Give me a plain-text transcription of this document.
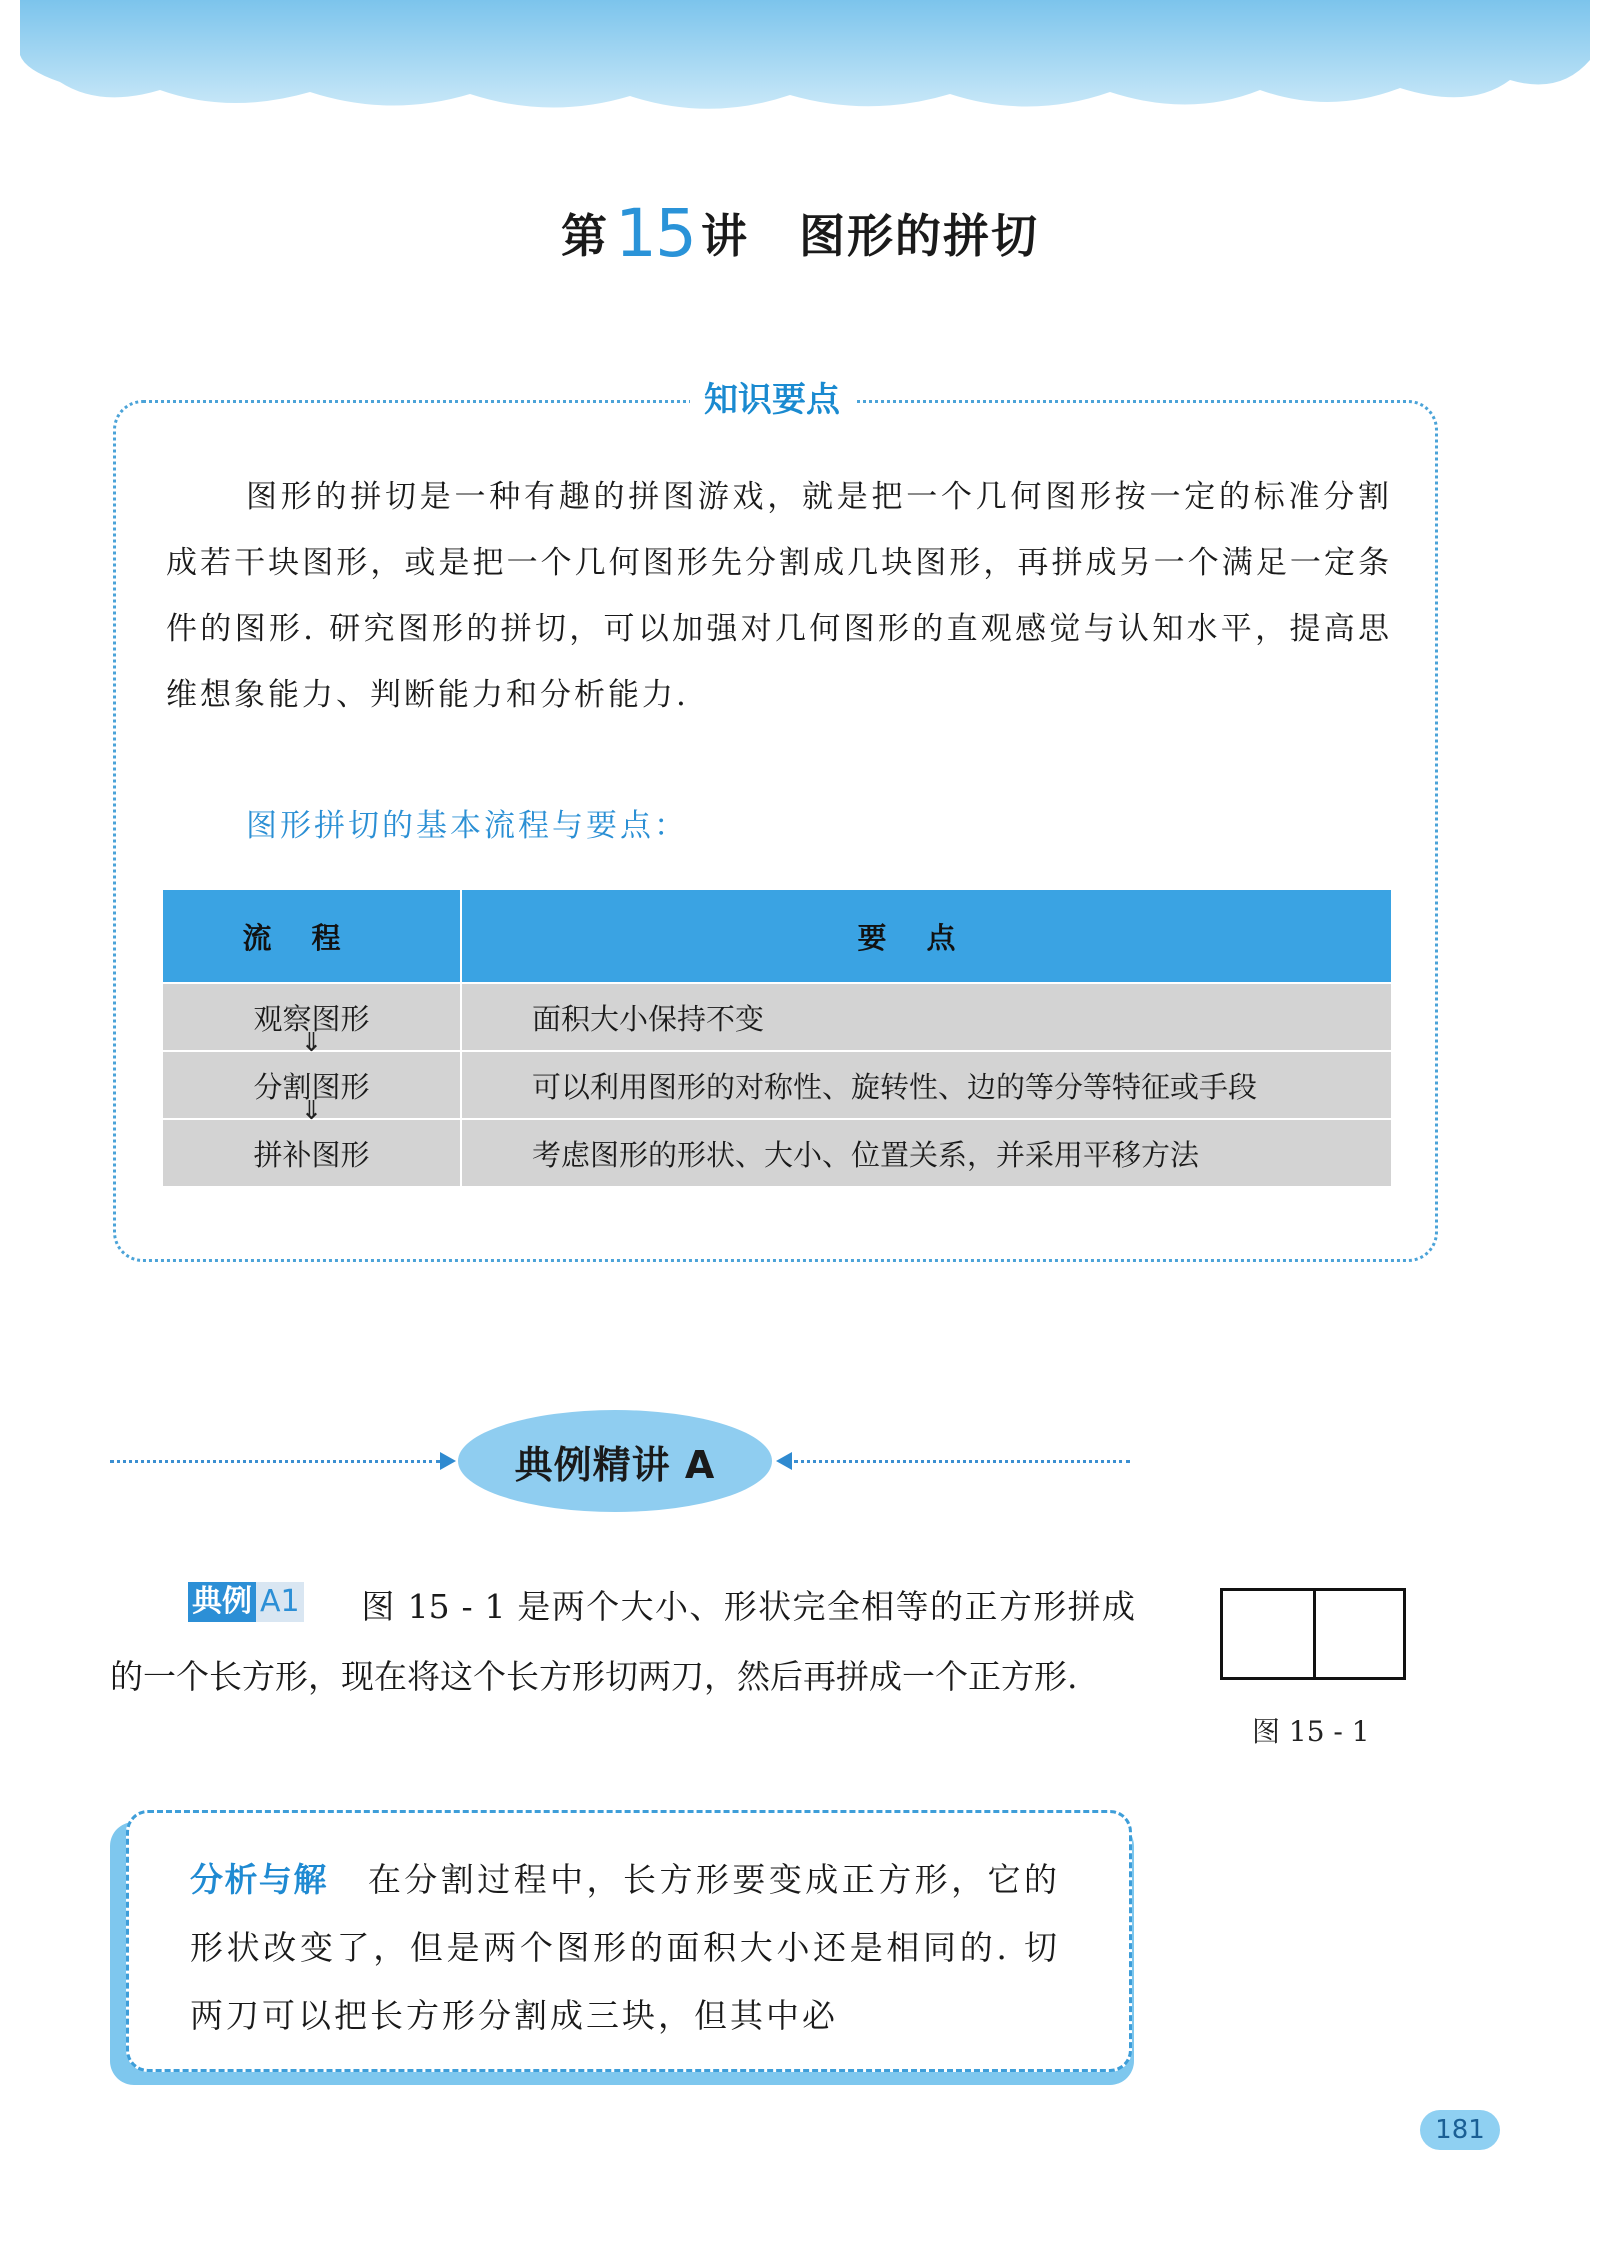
第15 讲 图形的拼切
知识要点
图形的拼切是一种有趣的拼图游戏，就是把一个几何图形按一定的标准分割成若干块图形，或是把一个几何图形先分割成几块图形，再拼成另一个满足一定条件的图形. 研究图形的拼切，可以加强对几何图形的直观感觉与认知水平，提高思维想象能力、判断能力和分析能力.
图形拼切的基本流程与要点：
流程	要点
观察图形	面积大小保持不变

⇓
分割图形	可以利用图形的对称性、旋转性、边的等分等特征或手段

⇓
拼补图形	考虑图形的形状、大小、位置关系，并采用平移方法
典例精讲 A
图 15 - 1 是两个大小、形状完全相等的正方形拼成的一个长方形，现在将这个长方形切两刀，然后再拼成一个正方形.
典例 A1
图 15 - 1
分析与解 在分割过程中，长方形要变成正方形，它的形状改变了，但是两个图形的面积大小还是相同的. 切两刀可以把长方形分割成三块，但其中必
181
